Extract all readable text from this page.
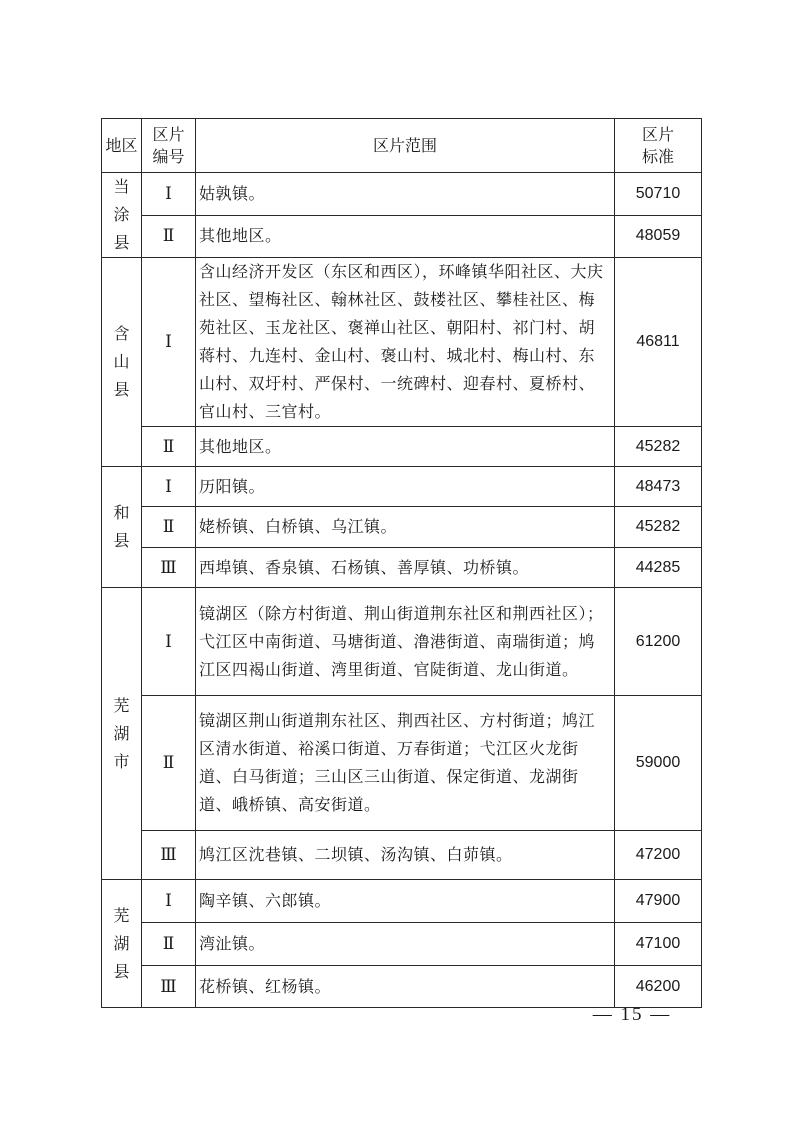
地区	区片编号	区片范围	区片标准
当涂县	Ⅰ	姑孰镇。	50710
	Ⅱ	其他地区。	48059
含山县	Ⅰ	含山经济开发区（东区和西区），环峰镇华阳社区、大庆社区、望梅社区、翰林社区、鼓楼社区、攀桂社区、梅苑社区、玉龙社区、褒禅山社区、朝阳村、祁门村、胡蒋村、九连村、金山村、褒山村、城北村、梅山村、东山村、双圩村、严保村、一统碑村、迎春村、夏桥村、官山村、三官村。	46811
	Ⅱ	其他地区。	45282
和县	Ⅰ	历阳镇。	48473
	Ⅱ	姥桥镇、白桥镇、乌江镇。	45282
	Ⅲ	西埠镇、香泉镇、石杨镇、善厚镇、功桥镇。	44285
芜湖市	Ⅰ	镜湖区（除方村街道、荆山街道荆东社区和荆西社区）；弋江区中南街道、马塘街道、澛港街道、南瑞街道；鸠江区四褐山街道、湾里街道、官陡街道、龙山街道。	61200
	Ⅱ	镜湖区荆山街道荆东社区、荆西社区、方村街道；鸠江区清水街道、裕溪口街道、万春街道；弋江区火龙街道、白马街道；三山区三山街道、保定街道、龙湖街道、峨桥镇、高安街道。	59000
	Ⅲ	鸠江区沈巷镇、二坝镇、汤沟镇、白茆镇。	47200
芜湖县	Ⅰ	陶辛镇、六郎镇。	47900
	Ⅱ	湾沚镇。	47100
	Ⅲ	花桥镇、红杨镇。	46200
— 15 —
